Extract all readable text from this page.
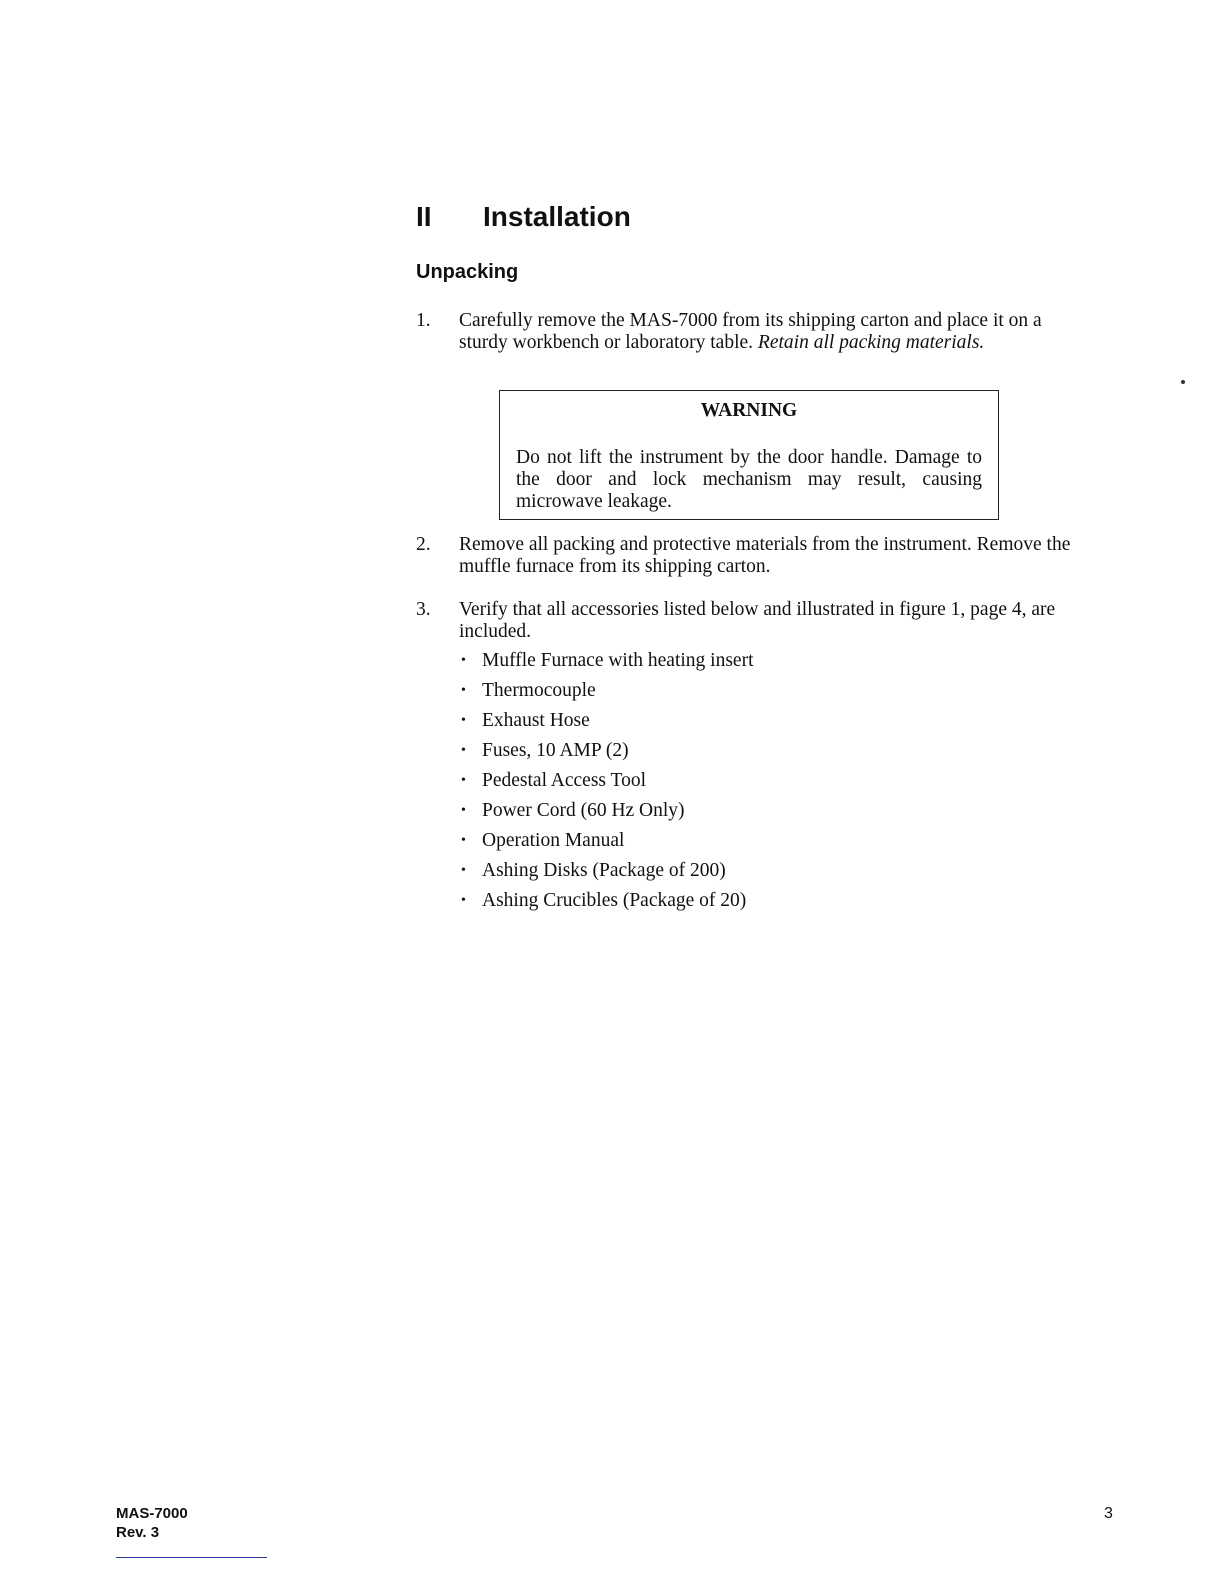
II Installation
Unpacking
1. Carefully remove the MAS-7000 from its shipping carton and place it on a sturdy workbench or laboratory table. Retain all packing materials.
WARNING
Do not lift the instrument by the door handle. Damage to the door and lock mechanism may result, causing microwave leakage.
2. Remove all packing and protective materials from the instrument. Remove the muffle furnace from its shipping carton.
3. Verify that all accessories listed below and illustrated in figure 1, page 4, are included.
• Muffle Furnace with heating insert
• Thermocouple
• Exhaust Hose
• Fuses, 10 AMP (2)
• Pedestal Access Tool
• Power Cord (60 Hz Only)
• Operation Manual
• Ashing Disks (Package of 200)
• Ashing Crucibles (Package of 20)
MAS-7000
Rev. 3
3
